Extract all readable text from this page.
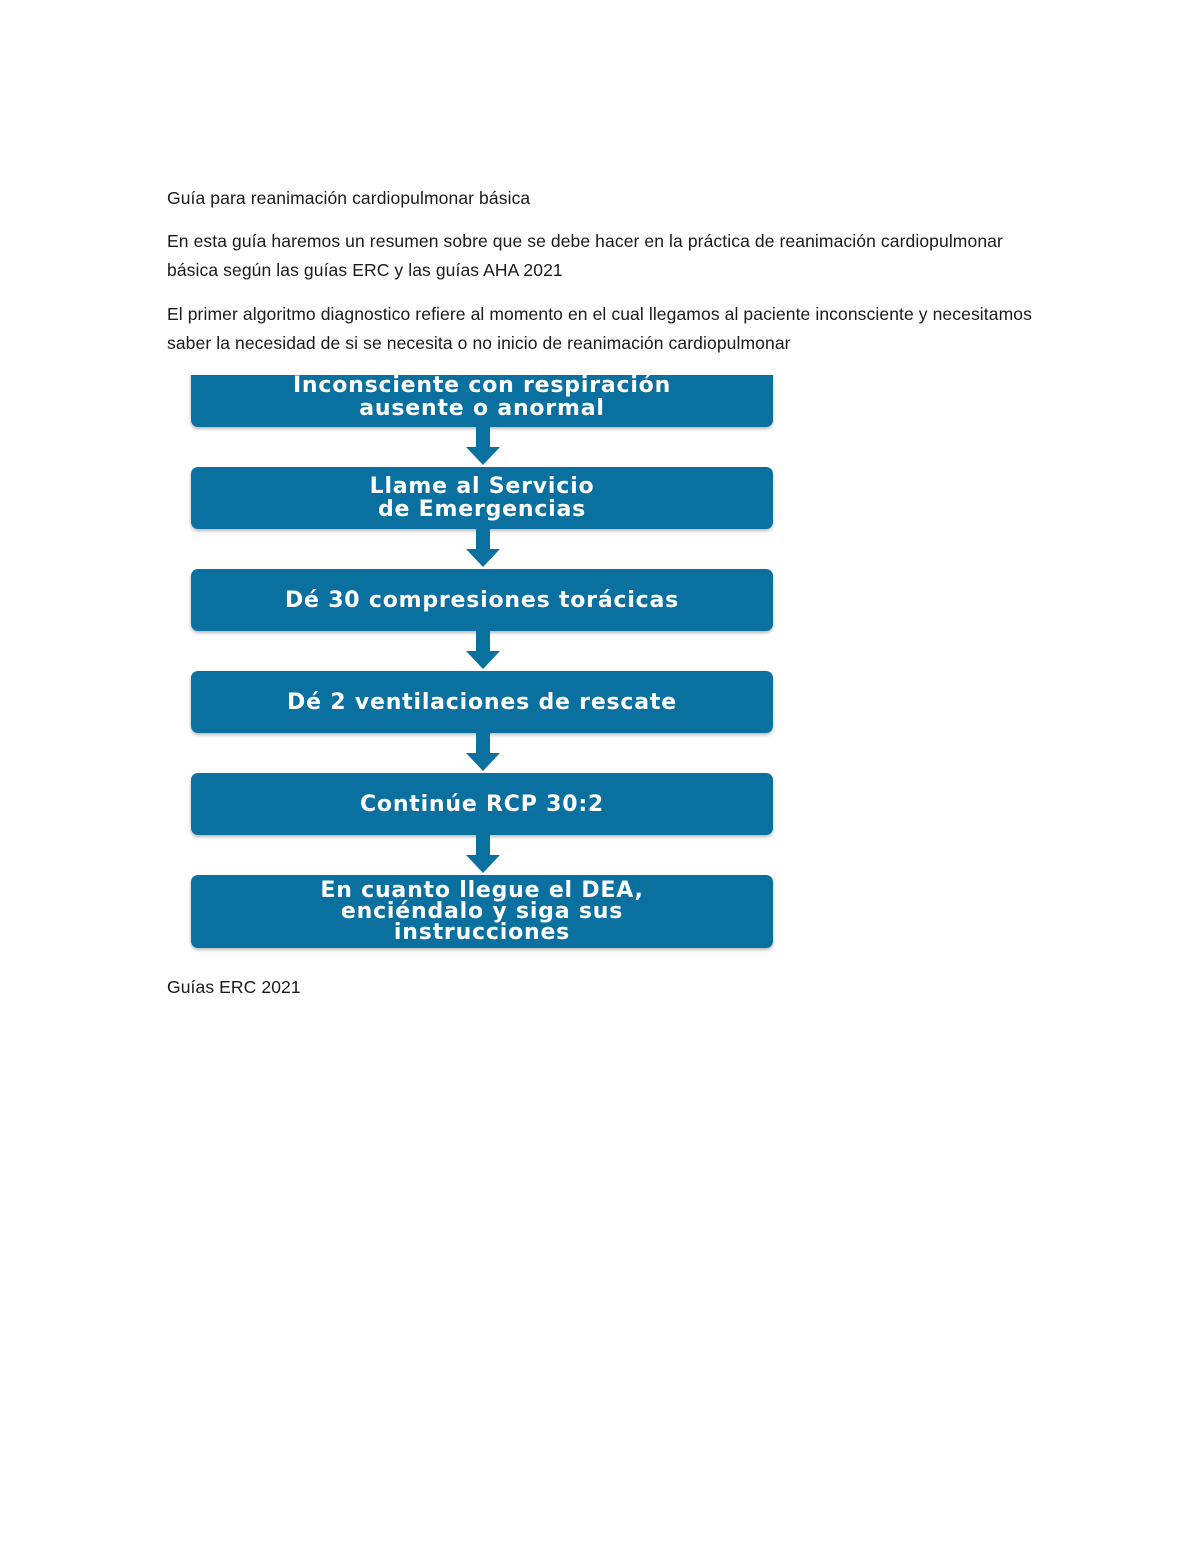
Guía para reanimación cardiopulmonar básica

En esta guía haremos un resumen sobre que se debe hacer en la práctica de reanimación cardiopulmonar básica según las guías ERC y las guías AHA 2021

El primer algoritmo diagnostico refiere al momento en el cual llegamos al paciente inconsciente y necesitamos saber la necesidad de si se necesita o no inicio de reanimación cardiopulmonar

Inconsciente con respiración
ausente o anormal
Llame al Servicio
de Emergencias
Dé 30 compresiones torácicas
Dé 2 ventilaciones de rescate
Continúe RCP 30:2
En cuanto llegue el DEA,
enciéndalo y siga sus
instrucciones

Guías ERC 2021
